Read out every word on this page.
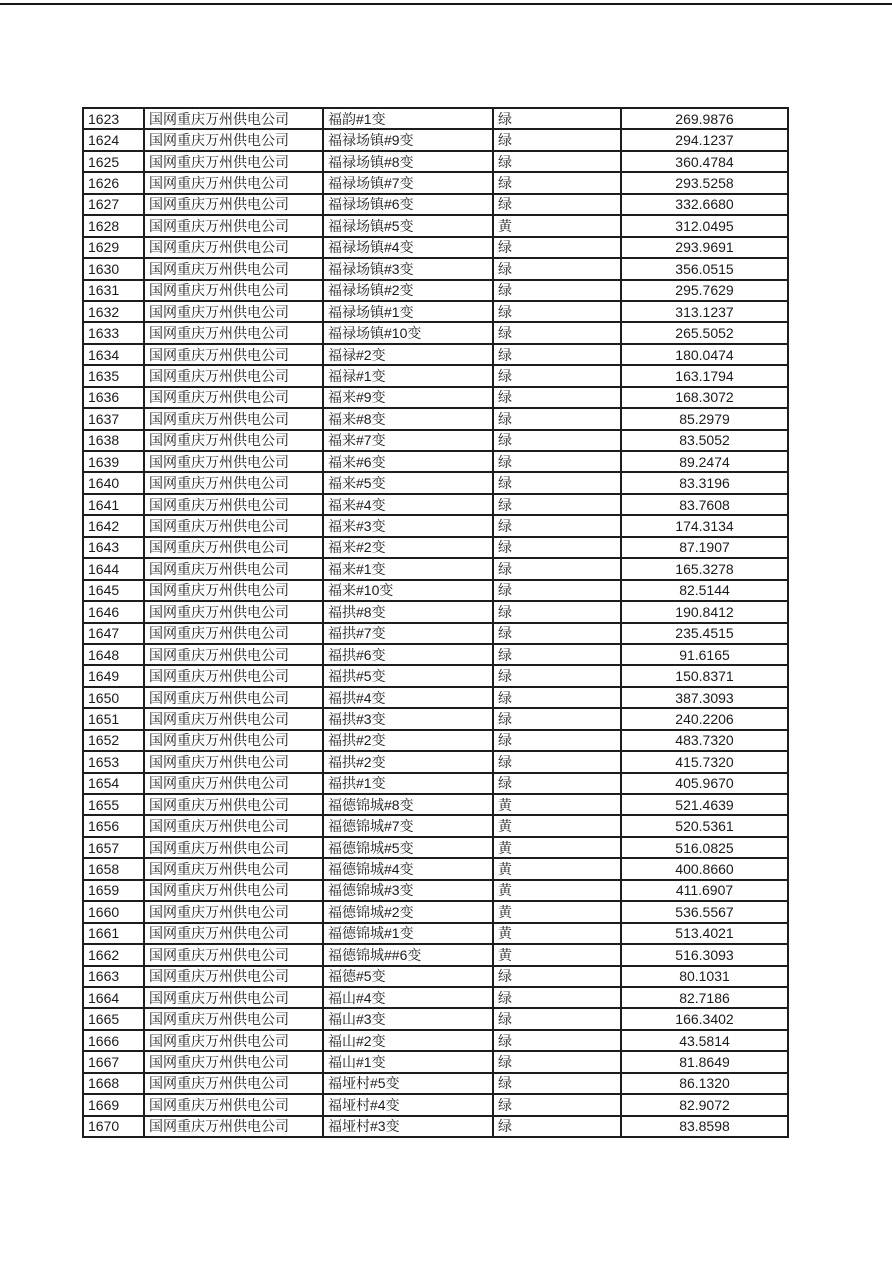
1623	国网重庆万州供电公司	福韵#1变	绿	269.9876
1624	国网重庆万州供电公司	福禄场镇#9变	绿	294.1237
1625	国网重庆万州供电公司	福禄场镇#8变	绿	360.4784
1626	国网重庆万州供电公司	福禄场镇#7变	绿	293.5258
1627	国网重庆万州供电公司	福禄场镇#6变	绿	332.6680
1628	国网重庆万州供电公司	福禄场镇#5变	黄	312.0495
1629	国网重庆万州供电公司	福禄场镇#4变	绿	293.9691
1630	国网重庆万州供电公司	福禄场镇#3变	绿	356.0515
1631	国网重庆万州供电公司	福禄场镇#2变	绿	295.7629
1632	国网重庆万州供电公司	福禄场镇#1变	绿	313.1237
1633	国网重庆万州供电公司	福禄场镇#10变	绿	265.5052
1634	国网重庆万州供电公司	福禄#2变	绿	180.0474
1635	国网重庆万州供电公司	福禄#1变	绿	163.1794
1636	国网重庆万州供电公司	福来#9变	绿	168.3072
1637	国网重庆万州供电公司	福来#8变	绿	85.2979
1638	国网重庆万州供电公司	福来#7变	绿	83.5052
1639	国网重庆万州供电公司	福来#6变	绿	89.2474
1640	国网重庆万州供电公司	福来#5变	绿	83.3196
1641	国网重庆万州供电公司	福来#4变	绿	83.7608
1642	国网重庆万州供电公司	福来#3变	绿	174.3134
1643	国网重庆万州供电公司	福来#2变	绿	87.1907
1644	国网重庆万州供电公司	福来#1变	绿	165.3278
1645	国网重庆万州供电公司	福来#10变	绿	82.5144
1646	国网重庆万州供电公司	福拱#8变	绿	190.8412
1647	国网重庆万州供电公司	福拱#7变	绿	235.4515
1648	国网重庆万州供电公司	福拱#6变	绿	91.6165
1649	国网重庆万州供电公司	福拱#5变	绿	150.8371
1650	国网重庆万州供电公司	福拱#4变	绿	387.3093
1651	国网重庆万州供电公司	福拱#3变	绿	240.2206
1652	国网重庆万州供电公司	福拱#2变	绿	483.7320
1653	国网重庆万州供电公司	福拱#2变	绿	415.7320
1654	国网重庆万州供电公司	福拱#1变	绿	405.9670
1655	国网重庆万州供电公司	福德锦城#8变	黄	521.4639
1656	国网重庆万州供电公司	福德锦城#7变	黄	520.5361
1657	国网重庆万州供电公司	福德锦城#5变	黄	516.0825
1658	国网重庆万州供电公司	福德锦城#4变	黄	400.8660
1659	国网重庆万州供电公司	福德锦城#3变	黄	411.6907
1660	国网重庆万州供电公司	福德锦城#2变	黄	536.5567
1661	国网重庆万州供电公司	福德锦城#1变	黄	513.4021
1662	国网重庆万州供电公司	福德锦城##6变	黄	516.3093
1663	国网重庆万州供电公司	福德#5变	绿	80.1031
1664	国网重庆万州供电公司	福山#4变	绿	82.7186
1665	国网重庆万州供电公司	福山#3变	绿	166.3402
1666	国网重庆万州供电公司	福山#2变	绿	43.5814
1667	国网重庆万州供电公司	福山#1变	绿	81.8649
1668	国网重庆万州供电公司	福垭村#5变	绿	86.1320
1669	国网重庆万州供电公司	福垭村#4变	绿	82.9072
1670	国网重庆万州供电公司	福垭村#3变	绿	83.8598
